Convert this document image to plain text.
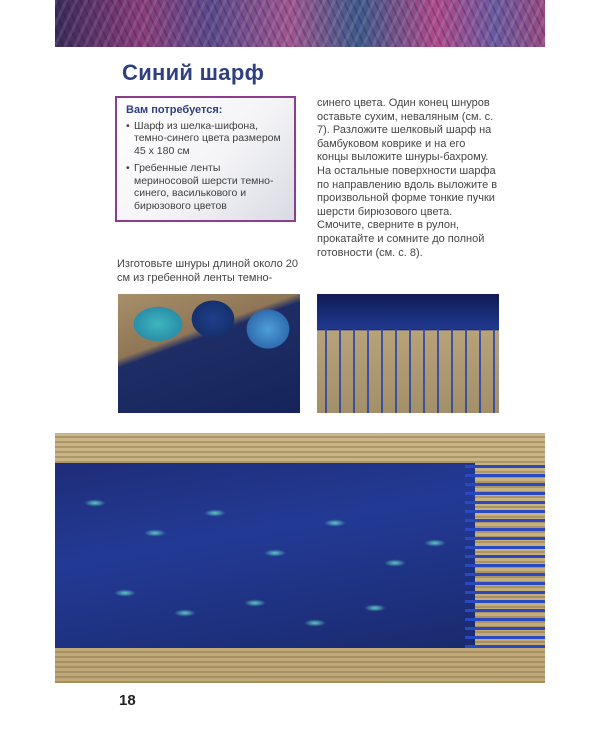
Синий шарф
Вам потребуется:
• Шарф из шелка-шифона, темно-синего цвета размером 45 х 180 см
• Гребенные ленты мериносовой шерсти темно-синего, василькового и бирюзового цветов

Изготовьте шнуры длиной около 20 см из гребенной ленты темно-

синего цвета. Один конец шнуров оставьте сухим, неваляным (см. с. 7). Разложите шелковый шарф на бамбуковом коврике и на его концы выложите шнуры-бахрому. На остальные поверхности шарфа по направлению вдоль выложите в произвольной форме тонкие пучки шерсти бирюзового цвета. Смочите, сверните в рулон, прокатайте и сомните до полной готовности (см. с. 8).

18
